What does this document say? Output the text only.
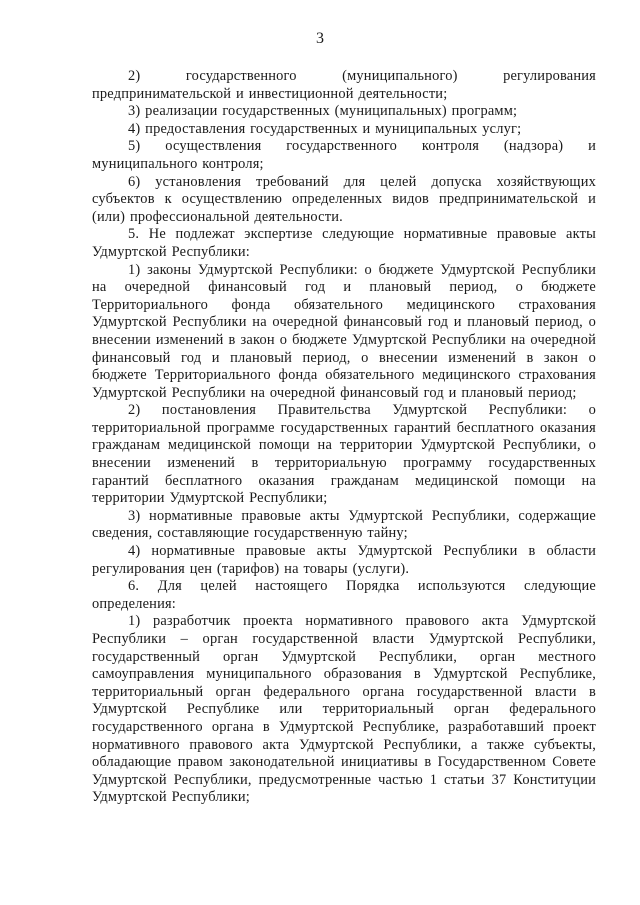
3

2) государственного (муниципального) регулирования предпринимательской и инвестиционной деятельности;

3) реализации государственных (муниципальных) программ;

4) предоставления государственных и муниципальных услуг;

5) осуществления государственного контроля (надзора) и муниципального контроля;

6) установления требований для целей допуска хозяйствующих субъектов к осуществлению определенных видов предпринимательской и (или) профессиональной деятельности.

5. Не подлежат экспертизе следующие нормативные правовые акты Удмуртской Республики:

1) законы Удмуртской Республики: о бюджете Удмуртской Республики на очередной финансовый год и плановый период, о бюджете Территориального фонда обязательного медицинского страхования Удмуртской Республики на очередной финансовый год и плановый период, о внесении изменений в закон о бюджете Удмуртской Республики на очередной финансовый год и плановый период, о внесении изменений в закон о бюджете Территориального фонда обязательного медицинского страхования Удмуртской Республики на очередной финансовый год и плановый период;

2) постановления Правительства Удмуртской Республики: о территориальной программе государственных гарантий бесплатного оказания гражданам медицинской помощи на территории Удмуртской Республики, о внесении изменений в территориальную программу государственных гарантий бесплатного оказания гражданам медицинской помощи на территории Удмуртской Республики;

3) нормативные правовые акты Удмуртской Республики, содержащие сведения, составляющие государственную тайну;

4) нормативные правовые акты Удмуртской Республики в области регулирования цен (тарифов) на товары (услуги).

6. Для целей настоящего Порядка используются следующие определения:

1) разработчик проекта нормативного правового акта Удмуртской Республики – орган государственной власти Удмуртской Республики, государственный орган Удмуртской Республики, орган местного самоуправления муниципального образования в Удмуртской Республике, территориальный орган федерального органа государственной власти в Удмуртской Республике или территориальный орган федерального государственного органа в Удмуртской Республике, разработавший проект нормативного правового акта Удмуртской Республики, а также субъекты, обладающие правом законодательной инициативы в Государственном Совете Удмуртской Республики, предусмотренные частью 1 статьи 37 Конституции Удмуртской Республики;
